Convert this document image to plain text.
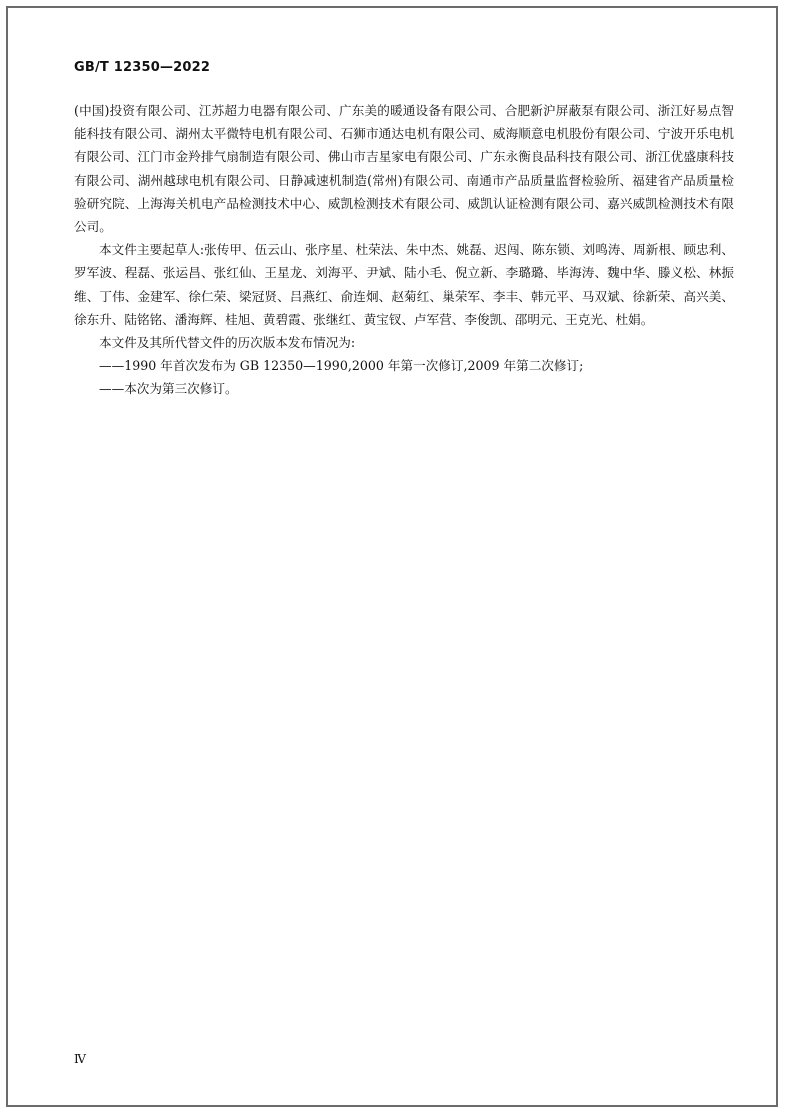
GB/T 12350—2022

(中国)投资有限公司、江苏超力电器有限公司、广东美的暖通设备有限公司、合肥新沪屏蔽泵有限公司、浙江好易点智能科技有限公司、湖州太平微特电机有限公司、石狮市通达电机有限公司、威海顺意电机股份有限公司、宁波开乐电机有限公司、江门市金羚排气扇制造有限公司、佛山市吉星家电有限公司、广东永衡良品科技有限公司、浙江优盛康科技有限公司、湖州越球电机有限公司、日静减速机制造(常州)有限公司、南通市产品质量监督检验所、福建省产品质量检验研究院、上海海关机电产品检测技术中心、威凯检测技术有限公司、威凯认证检测有限公司、嘉兴威凯检测技术有限公司。

本文件主要起草人:张传甲、伍云山、张序星、杜荣法、朱中杰、姚磊、迟闯、陈东锁、刘鸣涛、周新根、顾忠利、罗军波、程磊、张运昌、张红仙、王星龙、刘海平、尹斌、陆小毛、倪立新、李璐璐、毕海涛、魏中华、滕义松、林振维、丁伟、金建军、徐仁荣、梁冠贤、吕燕红、俞连炯、赵菊红、巢荣军、李丰、韩元平、马双斌、徐新荣、高兴美、徐东升、陆铭铭、潘海辉、桂旭、黄碧霞、张继红、黄宝钗、卢军营、李俊凯、邵明元、王克光、杜娟。

本文件及其所代替文件的历次版本发布情况为:

——1990 年首次发布为 GB 12350—1990,2000 年第一次修订,2009 年第二次修订;

——本次为第三次修订。

Ⅳ
